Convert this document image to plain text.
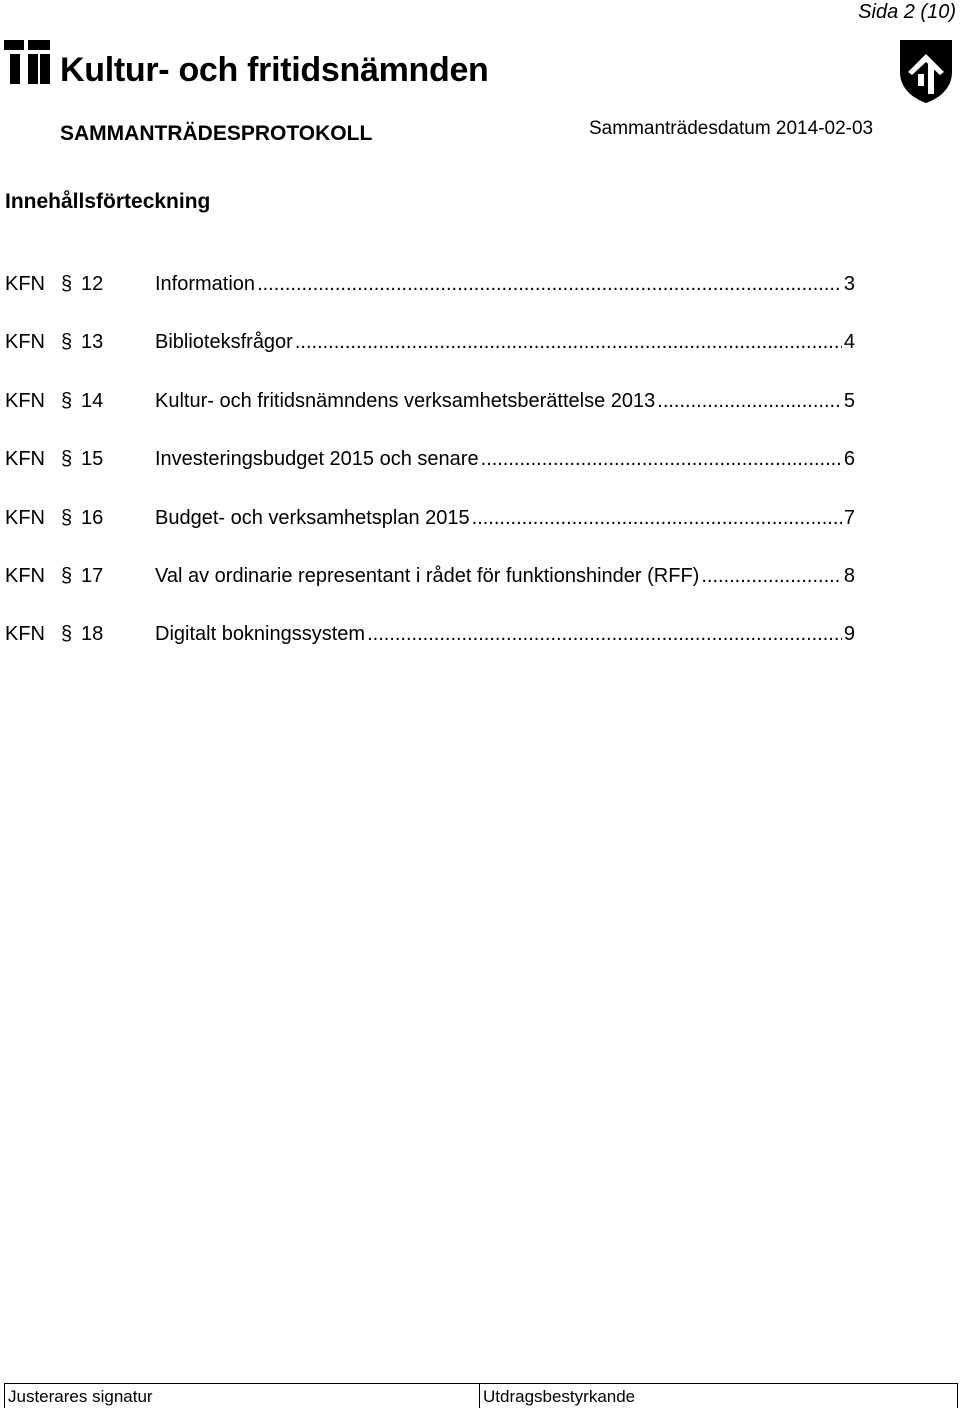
Sida 2 (10)
Kultur- och fritidsnämnden
SAMMANTRÄDESPROTOKOLL	Sammanträdesdatum 2014-02-03
Innehållsförteckning
KFN § 12	Information .....	3
KFN § 13	Biblioteksfrågor .....	4
KFN § 14	Kultur- och fritidsnämndens verksamhetsberättelse 2013 .....	5
KFN § 15	Investeringsbudget 2015 och senare .....	6
KFN § 16	Budget- och verksamhetsplan 2015 .....	7
KFN § 17	Val av ordinarie representant i rådet för funktionshinder (RFF) .....	8
KFN § 18	Digitalt bokningssystem .....	9
Justerares signatur	Utdragsbestyrkande
